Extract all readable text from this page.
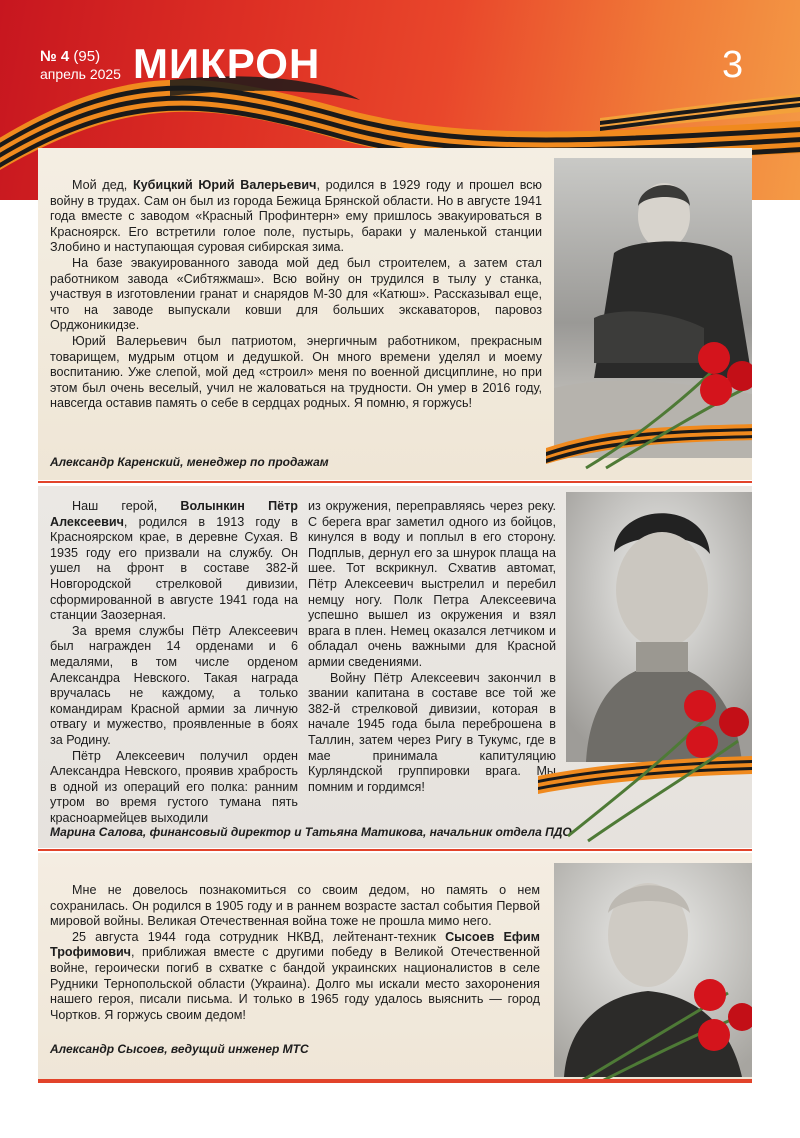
№ 4 (95)
апрель 2025 МИКРОН	3

Мой дед, Кубицкий Юрий Валерьевич, родился в 1929 году и прошел всю войну в трудах. Сам он был из города Бежица Брянской области. Но в августе 1941 года вместе с заводом «Красный Профинтерн» ему пришлось эвакуироваться в Красноярск. Его встретили голое поле, пустырь, бараки у маленькой станции Злобино и наступающая суровая сибирская зима.

На базе эвакуированного завода мой дед был строителем, а затем стал работником завода «Сибтяжмаш». Всю войну он трудился в тылу у станка, участвуя в изготовлении гранат и снарядов М-30 для «Катюш». Рассказывал еще, что на заводе выпускали ковши для больших экскаваторов, паровоз Орджоникидзе.

Юрий Валерьевич был патриотом, энергичным работником, прекрасным товарищем, мудрым отцом и дедушкой. Он много времени уделял и моему воспитанию. Уже слепой, мой дед «строил» меня по военной дисциплине, но при этом был очень веселый, учил не жаловаться на трудности. Он умер в 2016 году, навсегда оставив память о себе в сердцах родных. Я помню, я горжусь!

Александр Каренский, менеджер по продажам

Наш герой, Волынкин Пётр Алексеевич, родился в 1913 году в Красноярском крае, в деревне Сухая. В 1935 году его призвали на службу. Он ушел на фронт в составе 382-й Новгородской стрелковой дивизии, сформированной в августе 1941 года на станции Заозерная.

За время службы Пётр Алексеевич был награжден 14 орденами и 6 медалями, в том числе орденом Александра Невского. Такая награда вручалась не каждому, а только командирам Красной армии за личную отвагу и мужество, проявленные в боях за Родину.

Пётр Алексеевич получил орден Александра Невского, проявив храбрость в одной из операций его полка: ранним утром во время густого тумана пять красноармейцев выходили

из окружения, переправляясь через реку. С берега враг заметил одного из бойцов, кинулся в воду и поплыл в его сторону. Подплыв, дернул его за шнурок плаща на шее. Тот вскрикнул. Схватив автомат, Пётр Алексеевич выстрелил и перебил немцу ногу. Полк Петра Алексеевича успешно вышел из окружения и взял врага в плен. Немец оказался летчиком и обладал очень важными для Красной армии сведениями.

Войну Пётр Алексеевич закончил в звании капитана в составе все той же 382-й стрелковой дивизии, которая в начале 1945 года была переброшена в Таллин, затем через Ригу в Тукумс, где в мае принимала капитуляцию Курляндской группировки врага. Мы помним и гордимся!

Марина Салова, финансовый директор и Татьяна Матикова, начальник отдела ПДО

Мне не довелось познакомиться со своим дедом, но память о нем сохранилась. Он родился в 1905 году и в раннем возрасте застал события Первой мировой войны. Великая Отечественная война тоже не прошла мимо него.

25 августа 1944 года сотрудник НКВД, лейтенант-техник Сысоев Ефим Трофимович, приближая вместе с другими победу в Великой Отечественной войне, героически погиб в схватке с бандой украинских националистов в селе Рудники Тернопольской области (Украина). Долго мы искали место захоронения нашего героя, писали письма. И только в 1965 году удалось выяснить — город Чортков. Я горжусь своим дедом!

Александр Сысоев, ведущий инженер МТС
